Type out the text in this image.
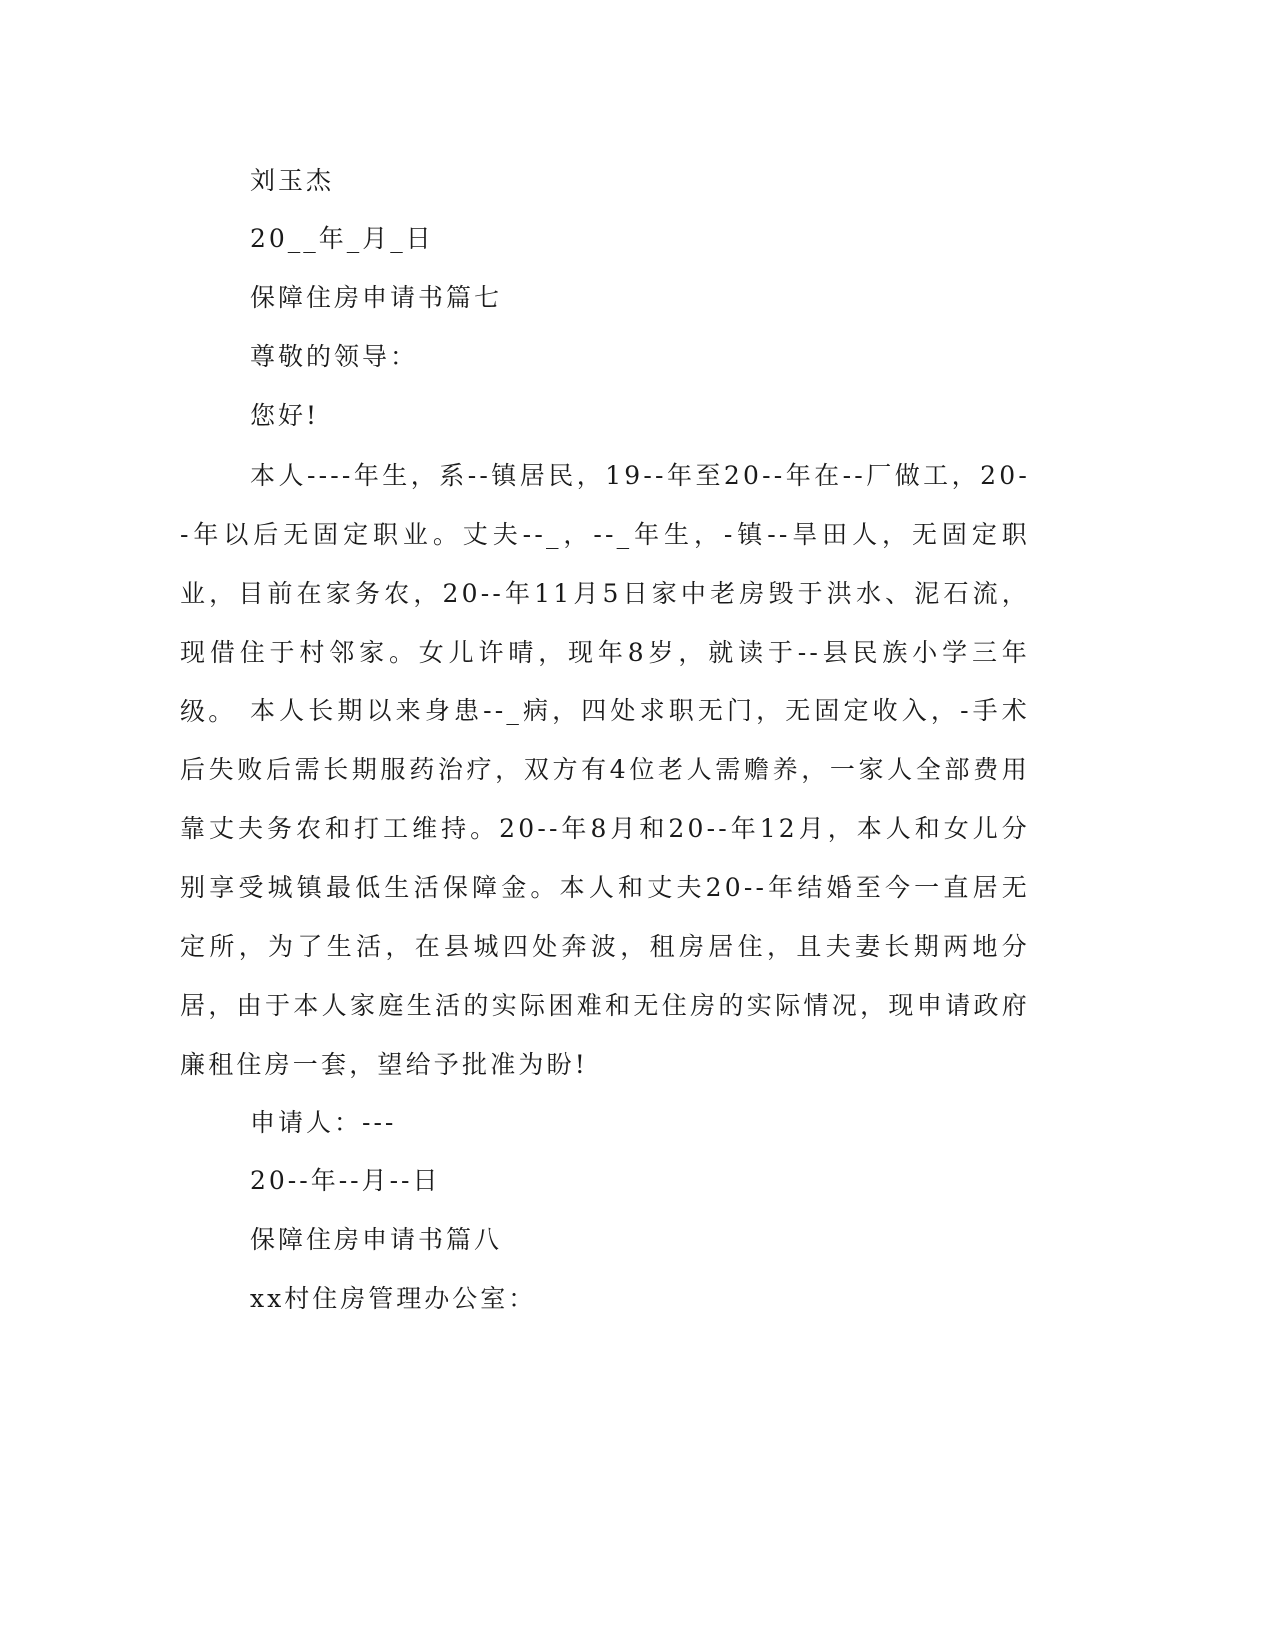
刘玉杰
20__年_月_日
保障住房申请书篇七
尊敬的领导：
您好!

本人----年生，系--镇居民，19--年至20--年在--厂做工，20--年以后无固定职业。丈夫--_，--_年生，-镇--旱田人，无固定职业，目前在家务农，20--年11月5日家中老房毁于洪水、泥石流，现借住于村邻家。女儿许晴，现年8岁，就读于--县民族小学三年级。 本人长期以来身患--_病，四处求职无门，无固定收入，-手术后失败后需长期服药治疗，双方有4位老人需赡养，一家人全部费用靠丈夫务农和打工维持。20--年8月和20--年12月，本人和女儿分别享受城镇最低生活保障金。本人和丈夫20--年结婚至今一直居无定所，为了生活，在县城四处奔波，租房居住，且夫妻长期两地分居，由于本人家庭生活的实际困难和无住房的实际情况，现申请政府廉租住房一套，望给予批准为盼!

申请人：---
20--年--月--日
保障住房申请书篇八
xx村住房管理办公室：
